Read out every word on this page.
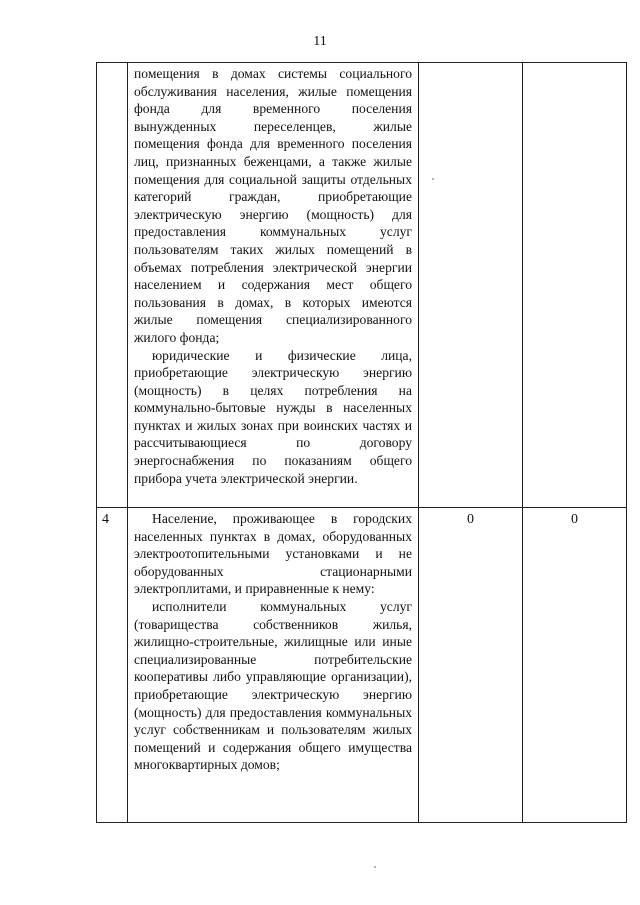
11

	помещения в домах системы социального обслуживания населения, жилые помещения фонда для временного поселения вынужденных переселенцев, жилые помещения фонда для временного поселения лиц, признанных беженцами, а также жилые помещения для социальной защиты отдельных категорий граждан, приобретающие электрическую энергию (мощность) для предоставления коммунальных услуг пользователям таких жилых помещений в объемах потребления электрической энергии населением и содержания мест общего пользования в домах, в которых имеются жилые помещения специализированного жилого фонда;

юридические и физические лица, приобретающие электрическую энергию (мощность) в целях потребления на коммунально-бытовые нужды в населенных пунктах и жилых зонах при воинских частях и рассчитывающиеся по договору энергоснабжения по показаниям общего прибора учета электрической энергии.		

4	Население, проживающее в городских населенных пунктах в домах, оборудованных электроотопительными установками и не оборудованных стационарными электроплитами, и приравненные к нему:

исполнители коммунальных услуг (товарищества собственников жилья, жилищно-строительные, жилищные или иные специализированные потребительские кооперативы либо управляющие организации), приобретающие электрическую энергию (мощность) для предоставления коммунальных услуг собственникам и пользователям жилых помещений и содержания общего имущества многоквартирных домов;	0	0
